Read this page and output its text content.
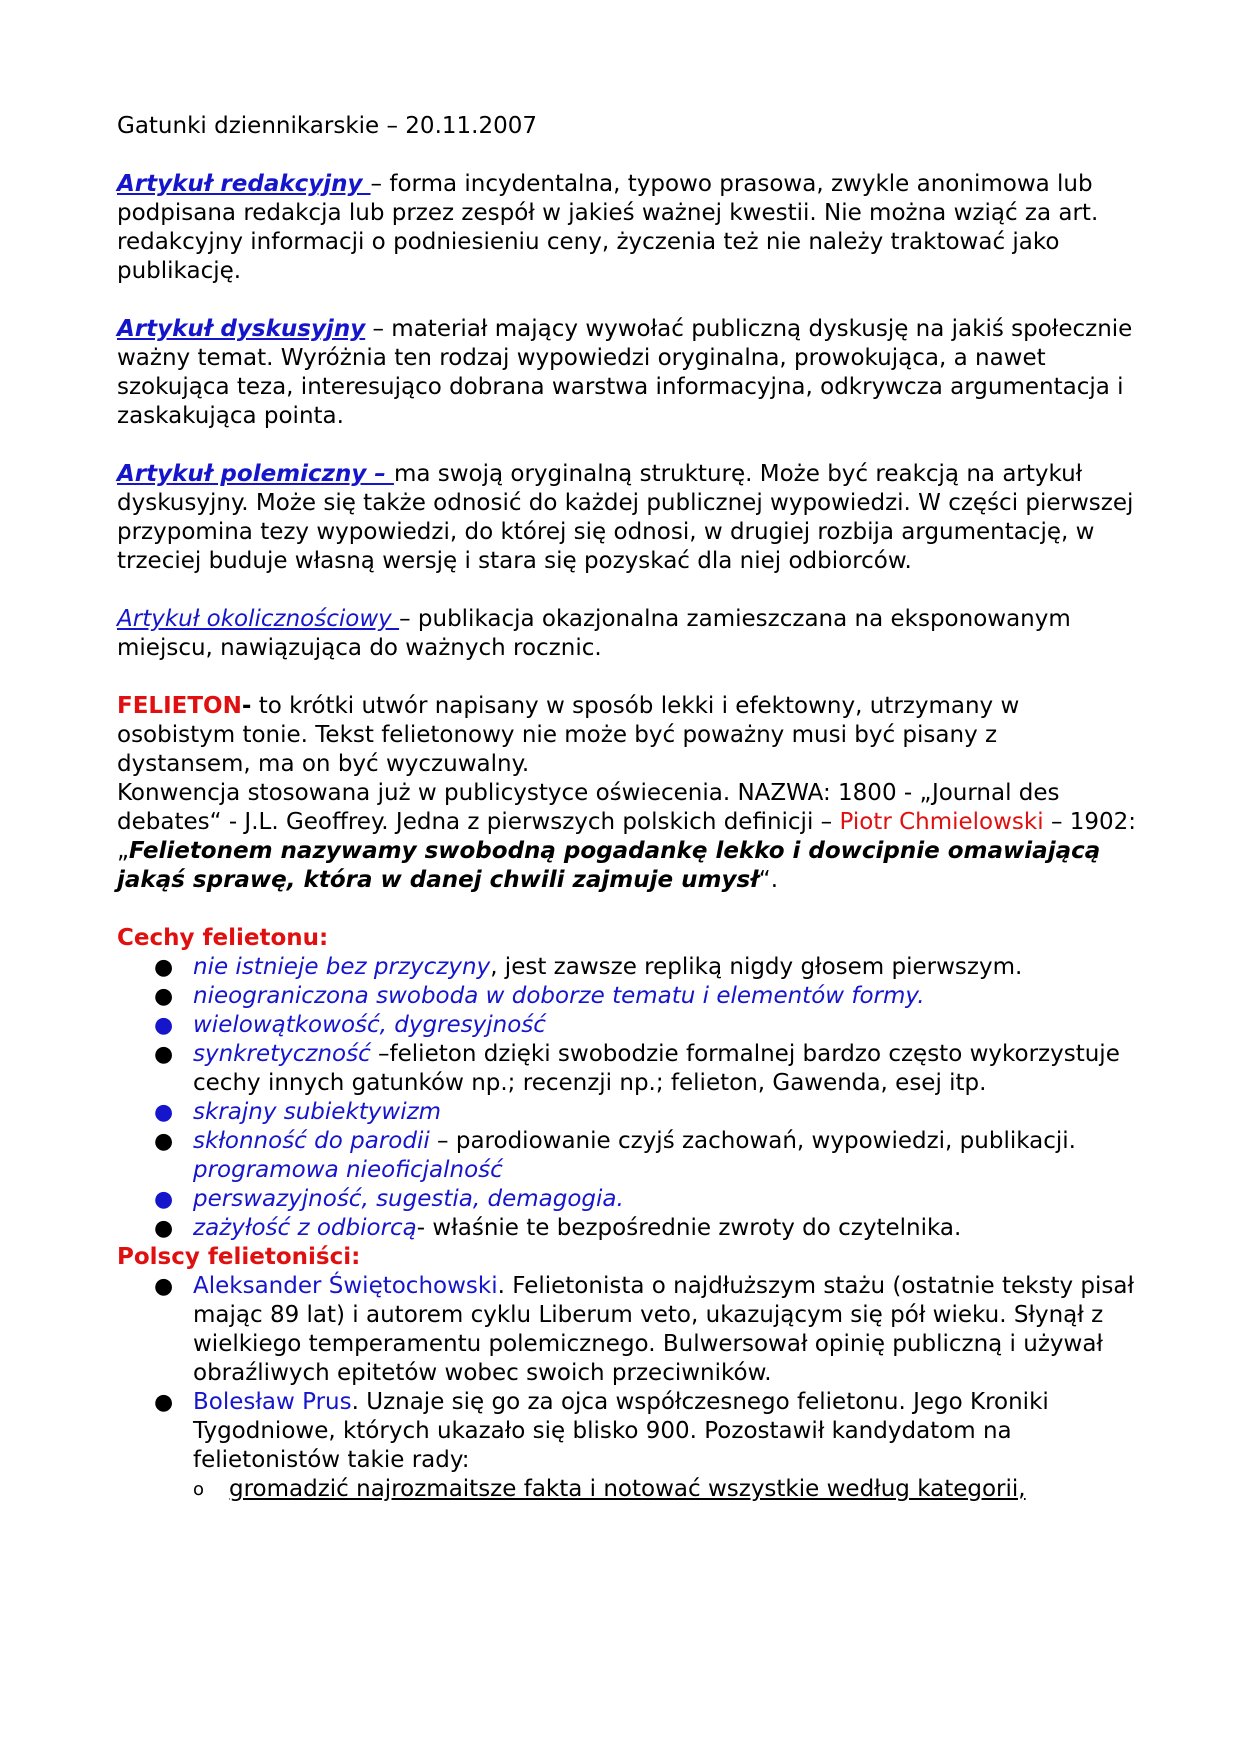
Gatunki dziennikarskie – 20.11.2007

Artykuł redakcyjny – forma incydentalna, typowo prasowa, zwykle anonimowa lub podpisana redakcja lub przez zespół w jakieś ważnej kwestii. Nie można wziąć za art. redakcyjny informacji o podniesieniu ceny, życzenia też nie należy traktować jako publikację.

Artykuł dyskusyjny – materiał mający wywołać publiczną dyskusję na jakiś społecznie ważny temat. Wyróżnia ten rodzaj wypowiedzi oryginalna, prowokująca, a nawet szokująca teza, interesująco dobrana warstwa informacyjna, odkrywcza argumentacja i zaskakująca pointa.

Artykuł polemiczny – ma swoją oryginalną strukturę. Może być reakcją na artykuł dyskusyjny. Może się także odnosić do każdej publicznej wypowiedzi. W części pierwszej przypomina tezy wypowiedzi, do której się odnosi, w drugiej rozbija argumentację, w trzeciej buduje własną wersję i stara się pozyskać dla niej odbiorców.

Artykuł okolicznościowy – publikacja okazjonalna zamieszczana na eksponowanym miejscu, nawiązująca do ważnych rocznic.

FELIETON- to krótki utwór napisany w sposób lekki i efektowny, utrzymany w osobistym tonie. Tekst felietonowy nie może być poważny musi być pisany z dystansem, ma on być wyczuwalny.

Konwencja stosowana już w publicystyce oświecenia. NAZWA: 1800 - „Journal des debates“ - J.L. Geoffrey. Jedna z pierwszych polskich definicji – Piotr Chmielowski – 1902: „Felietonem nazywamy swobodną pogadankę lekko i dowcipnie omawiającą jakąś sprawę, która w danej chwili zajmuje umysł“.

Cechy felietonu:

● nie istnieje bez przyczyny, jest zawsze repliką nigdy głosem pierwszym.
● nieograniczona swoboda w doborze tematu i elementów formy.
● wielowątkowość, dygresyjność
● synkretyczność –felieton dzięki swobodzie formalnej bardzo często wykorzystuje cechy innych gatunków np.; recenzji np.; felieton, Gawenda, esej itp.
● skrajny subiektywizm
● skłonność do parodii – parodiowanie czyjś zachowań, wypowiedzi, publikacji. programowa nieoficjalność
● perswazyjność, sugestia, demagogia.
● zażyłość z odbiorcą- właśnie te bezpośrednie zwroty do czytelnika.

Polscy felietoniści:

● Aleksander Świętochowski. Felietonista o najdłuższym stażu (ostatnie teksty pisał mając 89 lat) i autorem cyklu Liberum veto, ukazującym się pół wieku. Słynął z wielkiego temperamentu polemicznego. Bulwersował opinię publiczną i używał obraźliwych epitetów wobec swoich przeciwników.
● Bolesław Prus. Uznaje się go za ojca współczesnego felietonu. Jego Kroniki Tygodniowe, których ukazało się blisko 900. Pozostawił kandydatom na felietonistów takie rady:
o gromadzić najrozmaitsze fakta i notować wszystkie według kategorii,
